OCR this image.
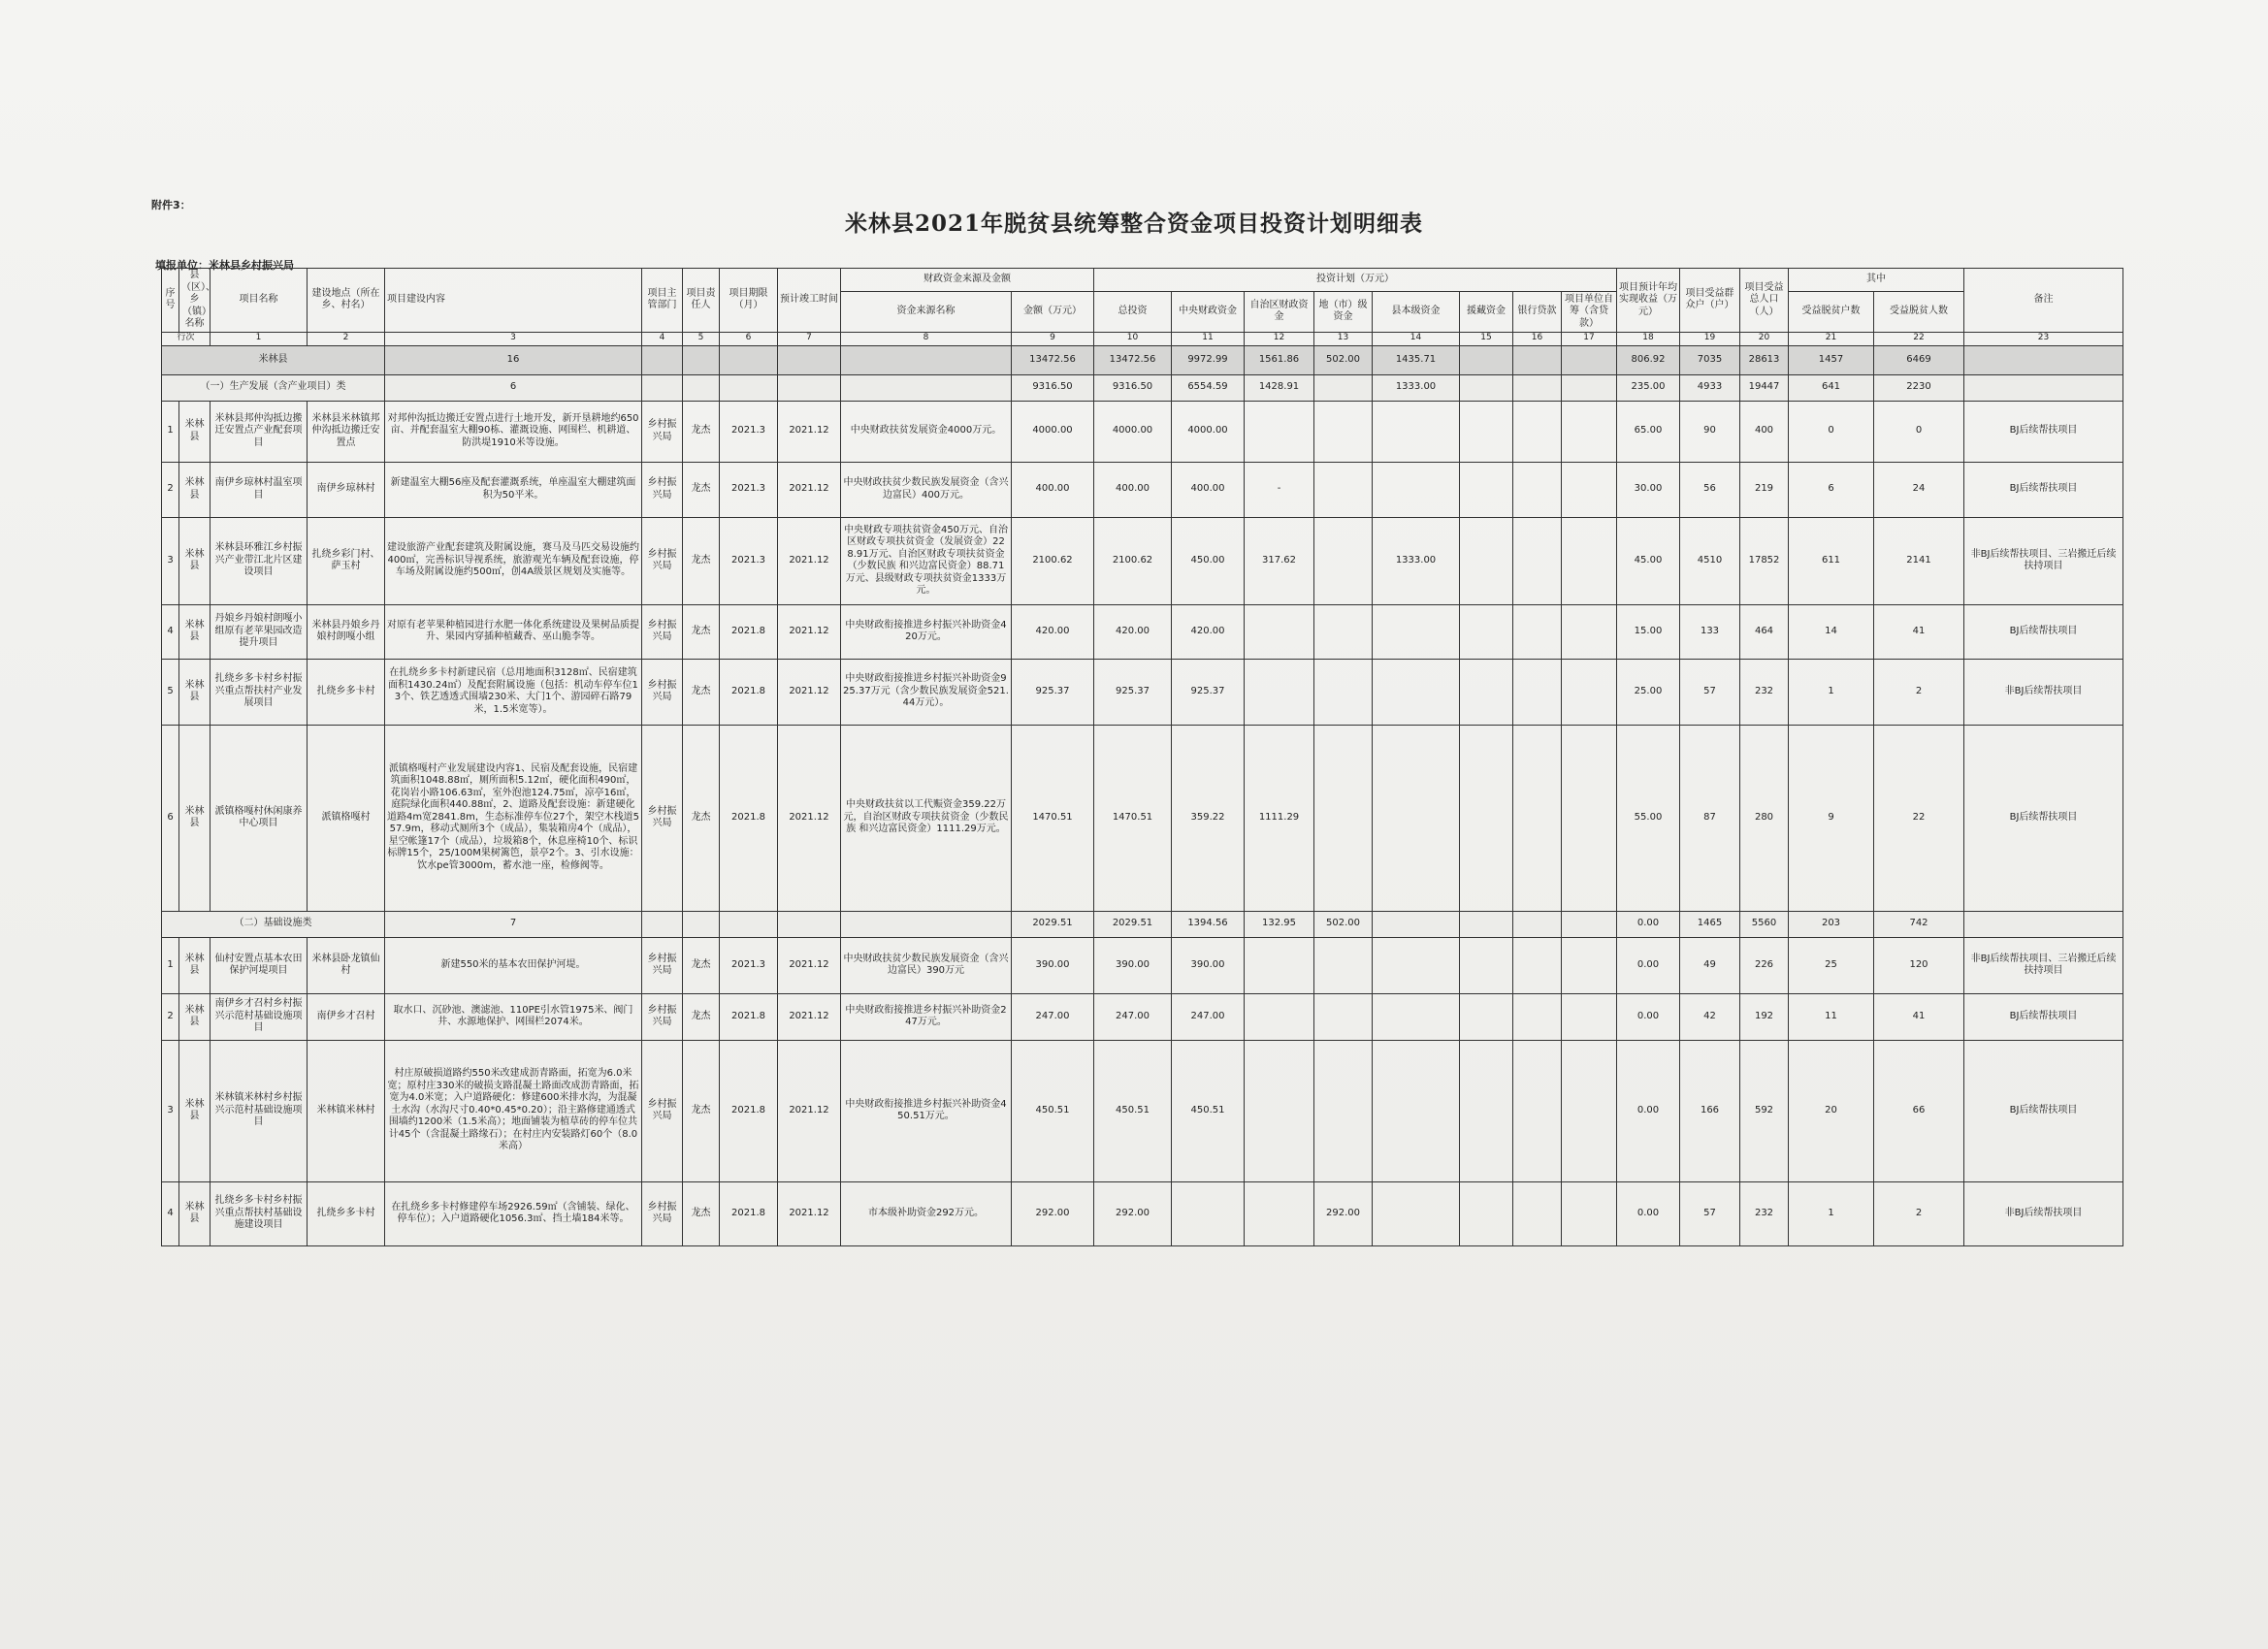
附件3：
米林县2021年脱贫县统筹整合资金项目投资计划明细表
填报单位：米林县乡村振兴局
序号	县（区）、乡（镇）名称	项目名称	建设地点（所在乡、村名）	项目建设内容	项目主管部门	项目责任人	项目期限（月）	预计竣工时间	财政资金来源及金额		投资计划（万元）								项目预计年均实现收益（万元）	项目受益群众户（户）	项目受益总人口（人）	其中		备注
									资金来源名称	金额（万元）	总投资	中央财政资金	自治区财政资金	地（市）级资金	县本级资金	援藏资金	银行贷款	项目单位自筹（含贷款）				受益脱贫户数	受益脱贫人数	
行次		1	2	3	4	5	6	7	8	9	10	11	12	13	14	15	16	17	18	19	20	21	22	23
米林县				16						13472.56	13472.56	9972.99	1561.86	502.00	1435.71				806.92	7035	28613	1457	6469	
（一）生产发展（含产业项目）类				6						9316.50	9316.50	6554.59	1428.91		1333.00				235.00	4933	19447	641	2230	
1	米林县	米林县邦仲沟抵边搬迁安置点产业配套项目	米林县米林镇邦仲沟抵边搬迁安置点	对邦仲沟抵边搬迁安置点进行土地开发，新开垦耕地约650亩、并配套温室大棚90栋、灌溉设施、网围栏、机耕道、防洪堤1910米等设施。	乡村振兴局	龙杰	2021.3	2021.12	中央财政扶贫发展资金4000万元。	4000.00	4000.00	4000.00							65.00	90	400	0	0	BJ后续帮扶项目
2	米林县	南伊乡琼林村温室项目	南伊乡琼林村	新建温室大棚56座及配套灌溉系统，单座温室大棚建筑面积为50平米。	乡村振兴局	龙杰	2021.3	2021.12	中央财政扶贫少数民族发展资金（含兴边富民）400万元。	400.00	400.00	400.00	-						30.00	56	219	6	24	BJ后续帮扶项目
3	米林县	米林县环雅江乡村振兴产业带江北片区建设项目	扎绕乡彩门村、萨玉村	建设旅游产业配套建筑及附属设施，赛马及马匹交易设施约400㎡，完善标识导视系统，旅游观光车辆及配套设施，停车场及附属设施约500㎡，创4A级景区规划及实施等。	乡村振兴局	龙杰	2021.3	2021.12	中央财政专项扶贫资金450万元、自治区财政专项扶贫资金（发展资金）228.91万元、自治区财政专项扶贫资金（少数民族 和兴边富民资金）88.71万元、县级财政专项扶贫资金1333万元。	2100.62	2100.62	450.00	317.62		1333.00				45.00	4510	17852	611	2141	非BJ后续帮扶项目、三岩搬迁后续扶持项目
4	米林县	丹娘乡丹娘村朗嘎小组原有老苹果园改造提升项目	米林县丹娘乡丹娘村朗嘎小组	对原有老苹果种植园进行水肥一体化系统建设及果树品质提升、果园内穿插种植藏香、巫山脆李等。	乡村振兴局	龙杰	2021.8	2021.12	中央财政衔接推进乡村振兴补助资金420万元。	420.00	420.00	420.00							15.00	133	464	14	41	BJ后续帮扶项目
5	米林县	扎绕乡多卡村乡村振兴重点帮扶村产业发展项目	扎绕乡多卡村	在扎绕乡多卡村新建民宿（总用地面积3128㎡、民宿建筑面积1430.24㎡）及配套附属设施（包括：机动车停车位13个、铁艺透透式围墙230米、大门1个、游园碎石路79米，1.5米宽等）。	乡村振兴局	龙杰	2021.8	2021.12	中央财政衔接推进乡村振兴补助资金925.37万元（含少数民族发展资金521.44万元）。	925.37	925.37	925.37							25.00	57	232	1	2	非BJ后续帮扶项目
6	米林县	派镇格嘎村休闲康养中心项目	派镇格嘎村	派镇格嘎村产业发展建设内容1、民宿及配套设施，民宿建筑面积1048.88㎡，厕所面积5.12㎡，硬化面积490㎡，花岗岩小路106.63㎡，室外泡池124.75㎡，凉亭16㎡，庭院绿化面积440.88㎡，2、道路及配套设施：新建硬化道路4m宽2841.8m，生态标准停车位27个，架空木栈道557.9m，移动式厕所3个（成品），集装箱房4个（成品），星空帐篷17个（成品），垃圾箱8个，休息座椅10个、标识标牌15个，25/100M果树篱笆，景亭2个。3、引水设施：饮水pe管3000m，蓄水池一座，检修阀等。	乡村振兴局	龙杰	2021.8	2021.12	中央财政扶贫以工代赈资金359.22万元，自治区财政专项扶贫资金（少数民族 和兴边富民资金）1111.29万元。	1470.51	1470.51	359.22	1111.29						55.00	87	280	9	22	BJ后续帮扶项目
（二）基础设施类				7						2029.51	2029.51	1394.56	132.95	502.00					0.00	1465	5560	203	742	
1	米林县	仙村安置点基本农田保护河堤项目	米林县卧龙镇仙村	新建550米的基本农田保护河堤。	乡村振兴局	龙杰	2021.3	2021.12	中央财政扶贫少数民族发展资金（含兴边富民）390万元	390.00	390.00	390.00							0.00	49	226	25	120	非BJ后续帮扶项目、三岩搬迁后续扶持项目
2	米林县	南伊乡才召村乡村振兴示范村基础设施项目	南伊乡才召村	取水口、沉砂池、澳滤池、110PE引水管1975米、阀门井、水源地保护、网围栏2074米。	乡村振兴局	龙杰	2021.8	2021.12	中央财政衔接推进乡村振兴补助资金247万元。	247.00	247.00	247.00							0.00	42	192	11	41	BJ后续帮扶项目
3	米林县	米林镇米林村乡村振兴示范村基础设施项目	米林镇米林村	村庄原破损道路约550米改建成沥青路面，拓宽为6.0米宽；原村庄330米的破损支路混凝土路面改成沥青路面，拓宽为4.0米宽；入户道路硬化：修建600米排水沟，为混凝土水沟（水沟尺寸0.40*0.45*0.20）；沿主路修建通透式围墙约1200米（1.5米高）；地面铺装为植草砖的停车位共计45个（含混凝土路缘石）；在村庄内安装路灯60个（8.0米高）	乡村振兴局	龙杰	2021.8	2021.12	中央财政衔接推进乡村振兴补助资金450.51万元。	450.51	450.51	450.51							0.00	166	592	20	66	BJ后续帮扶项目
4	米林县	扎绕乡多卡村乡村振兴重点帮扶村基础设施建设项目	扎绕乡多卡村	在扎绕乡多卡村修建停车场2926.59㎡（含铺装、绿化、停车位）；入户道路硬化1056.3㎡、挡土墙184米等。	乡村振兴局	龙杰	2021.8	2021.12	市本级补助资金292万元。	292.00	292.00			292.00					0.00	57	232	1	2	非BJ后续帮扶项目
